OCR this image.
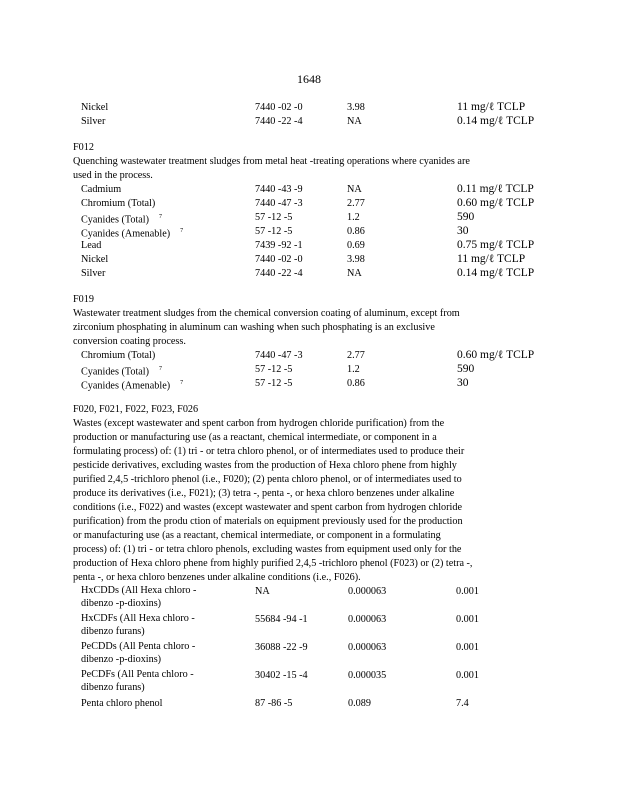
1648
Nickel	7440 -02 -0	3.98	11 mg/ℓ TCLP
Silver	7440 -22 -4	NA	0.14 mg/ℓ TCLP
F012
Quenching wastewater treatment sludges from metal heat -treating operations where cyanides are
used in the process.
Cadmium	7440 -43 -9	NA	0.11 mg/ℓ TCLP
Chromium (Total)	7440 -47 -3	2.77	0.60 mg/ℓ TCLP
Cyanides (Total) $^7$	57 -12 -5	1.2	590
Cyanides (Amenable) $^7$	57 -12 -5	0.86	30
Lead	7439 -92 -1	0.69	0.75 mg/ℓ TCLP
Nickel	7440 -02 -0	3.98	11 mg/ℓ TCLP
Silver	7440 -22 -4	NA	0.14 mg/ℓ TCLP
F019
Wastewater treatment sludges from the chemical conversion coating of aluminum, except from
zirconium phosphating in aluminum can washing when such phosphating is an exclusive
conversion coating process.
Chromium (Total)	7440 -47 -3	2.77	0.60 mg/ℓ TCLP
Cyanides (Total) $^7$	57 -12 -5	1.2	590
Cyanides (Amenable) $^7$	57 -12 -5	0.86	30
F020, F021, F022, F023, F026
Wastes (except wastewater and spent carbon from hydrogen chloride purification) from the
production or manufacturing use (as a reactant, chemical intermediate, or component in a
formulating process) of: (1) tri - or tetra chloro phenol, or of intermediates used to produce their
pesticide derivatives, excluding wastes from the production of Hexa chloro phene from highly
purified 2,4,5 -trichloro phenol (i.e., F020); (2) penta chloro phenol, or of intermediates used to
produce its derivatives (i.e., F021); (3) tetra -, penta -, or hexa chloro benzenes under alkaline
conditions (i.e., F022) and wastes (except wastewater and spent carbon from hydrogen chloride
purification) from the produ ction of materials on equipment previously used for the production
or manufacturing use (as a reactant, chemical intermediate, or component in a formulating
process) of: (1) tri - or tetra chloro phenols, excluding wastes from equipment used only for the
production of Hexa chloro phene from highly purified 2,4,5 -trichloro phenol (F023) or (2) tetra -,
penta -, or hexa chloro benzenes under alkaline conditions (i.e., F026).
HxCDDs (All Hexa chloro -
dibenzo -p-dioxins)
NA	0.000063	0.001
HxCDFs (All Hexa chloro -
dibenzo furans)
55684 -94 -1	0.000063	0.001
PeCDDs (All Penta chloro -
dibenzo -p-dioxins)
36088 -22 -9	0.000063	0.001
PeCDFs (All Penta chloro -
dibenzo furans)
30402 -15 -4	0.000035	0.001
Penta chloro phenol	87 -86 -5	0.089	7.4
